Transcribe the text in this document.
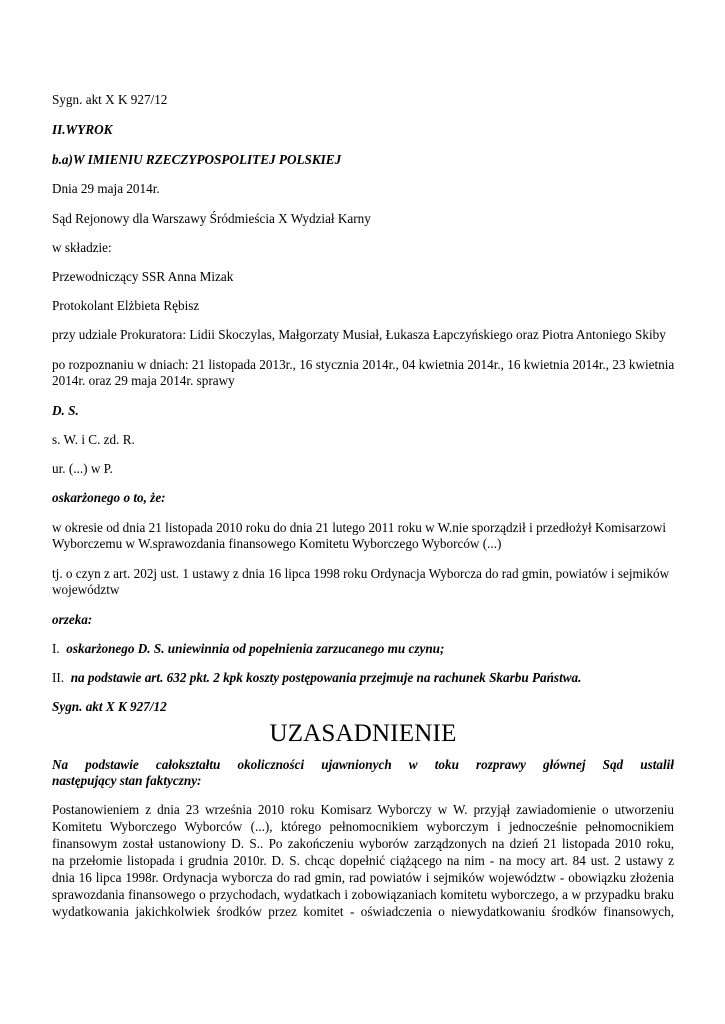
Sygn. akt X K 927/12
II.WYROK
b.a)W IMIENIU RZECZYPOSPOLITEJ POLSKIEJ
Dnia 29 maja 2014r.
Sąd Rejonowy dla Warszawy Śródmieścia X Wydział Karny
w składzie:
Przewodniczący SSR Anna Mizak
Protokolant Elżbieta Rębisz
przy udziale Prokuratora: Lidii Skoczylas, Małgorzaty Musiał, Łukasza Łapczyńskiego oraz Piotra Antoniego Skiby
po rozpoznaniu w dniach: 21 listopada 2013r., 16 stycznia 2014r., 04 kwietnia 2014r., 16 kwietnia 2014r., 23 kwietnia
2014r. oraz 29 maja 2014r. sprawy
D. S.
s. W. i C. zd. R.
ur. (...) w P.
oskarżonego o to, że:
w okresie od dnia 21 listopada 2010 roku do dnia 21 lutego 2011 roku w W.nie sporządził i przedłożył Komisarzowi
Wyborczemu w W.sprawozdania finansowego Komitetu Wyborczego Wyborców (...)
tj. o czyn z art. 202j ust. 1 ustawy z dnia 16 lipca 1998 roku Ordynacja Wyborcza do rad gmin, powiatów i sejmików
województw
orzeka:
I. oskarżonego D. S. uniewinnia od popełnienia zarzucanego mu czynu;
II. na podstawie art. 632 pkt. 2 kpk koszty postępowania przejmuje na rachunek Skarbu Państwa.
Sygn. akt X K 927/12
UZASADNIENIE
Na podstawie całokształtu okoliczności ujawnionych w toku rozprawy głównej Sąd ustalił
następujący stan faktyczny:
Postanowieniem z dnia 23 września 2010 roku Komisarz Wyborczy w W. przyjął zawiadomienie o utworzeniu
Komitetu Wyborczego Wyborców (...), którego pełnomocnikiem wyborczym i jednocześnie pełnomocnikiem
finansowym został ustanowiony D. S.. Po zakończeniu wyborów zarządzonych na dzień 21 listopada 2010 roku,
na przełomie listopada i grudnia 2010r. D. S. chcąc dopełnić ciążącego na nim - na mocy art. 84 ust. 2 ustawy z
dnia 16 lipca 1998r. Ordynacja wyborcza do rad gmin, rad powiatów i sejmików województw - obowiązku złożenia
sprawozdania finansowego o przychodach, wydatkach i zobowiązaniach komitetu wyborczego, a w przypadku braku
wydatkowania jakichkolwiek środków przez komitet - oświadczenia o niewydatkowaniu środków finansowych,
